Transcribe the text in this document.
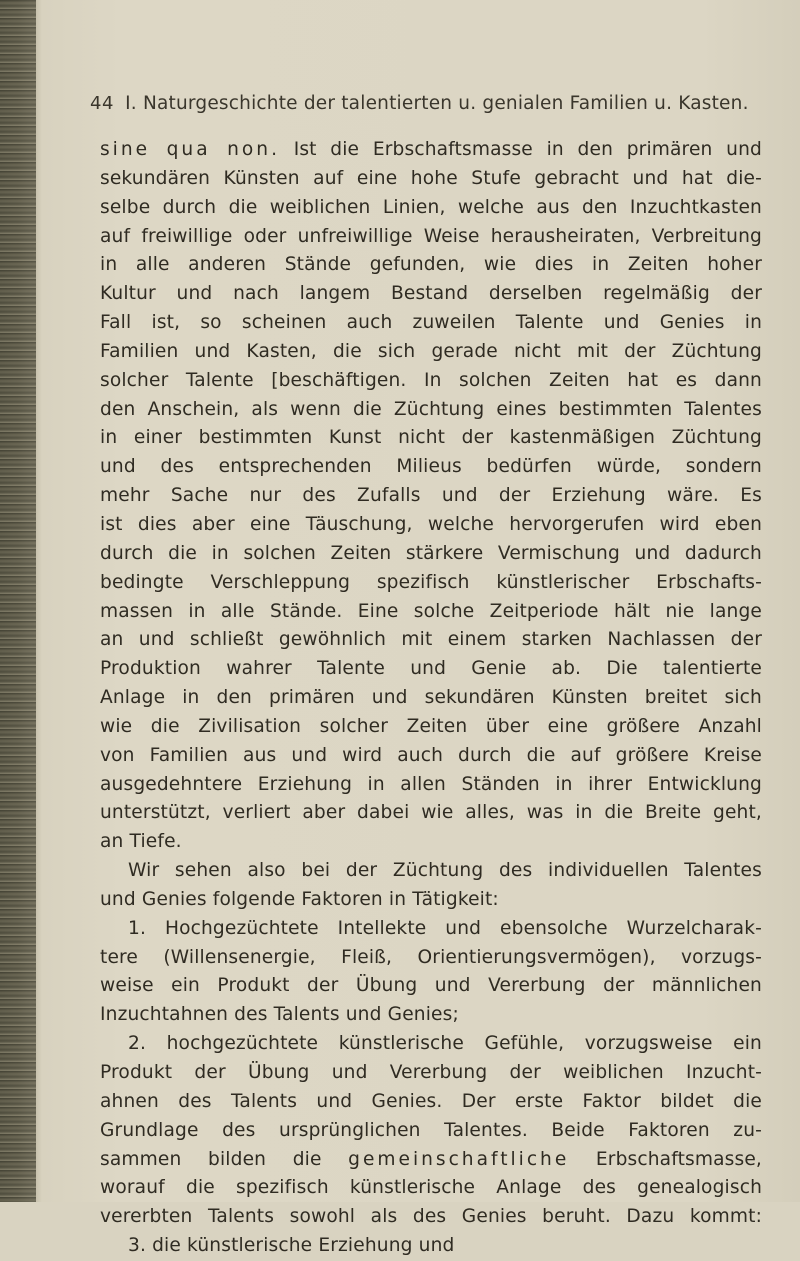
44 I. Naturgeschichte der talentierten u. genialen Familien u. Kasten.
sine qua non. Ist die Erbschaftsmasse in den primären und
sekundären Künsten auf eine hohe Stufe gebracht und hat die-
selbe durch die weiblichen Linien, welche aus den Inzuchtkasten
auf freiwillige oder unfreiwillige Weise herausheiraten, Verbreitung
in alle anderen Stände gefunden, wie dies in Zeiten hoher
Kultur und nach langem Bestand derselben regelmäßig der
Fall ist, so scheinen auch zuweilen Talente und Genies in
Familien und Kasten, die sich gerade nicht mit der Züchtung
solcher Talente [beschäftigen. In solchen Zeiten hat es dann
den Anschein, als wenn die Züchtung eines bestimmten Talentes
in einer bestimmten Kunst nicht der kastenmäßigen Züchtung
und des entsprechenden Milieus bedürfen würde, sondern
mehr Sache nur des Zufalls und der Erziehung wäre. Es
ist dies aber eine Täuschung, welche hervorgerufen wird eben
durch die in solchen Zeiten stärkere Vermischung und dadurch
bedingte Verschleppung spezifisch künstlerischer Erbschafts-
massen in alle Stände. Eine solche Zeitperiode hält nie lange
an und schließt gewöhnlich mit einem starken Nachlassen der
Produktion wahrer Talente und Genie ab. Die talentierte
Anlage in den primären und sekundären Künsten breitet sich
wie die Zivilisation solcher Zeiten über eine größere Anzahl
von Familien aus und wird auch durch die auf größere Kreise
ausgedehntere Erziehung in allen Ständen in ihrer Entwicklung
unterstützt, verliert aber dabei wie alles, was in die Breite geht,
an Tiefe.
Wir sehen also bei der Züchtung des individuellen Talentes
und Genies folgende Faktoren in Tätigkeit:
1. Hochgezüchtete Intellekte und ebensolche Wurzelcharak-
tere (Willensenergie, Fleiß, Orientierungsvermögen), vorzugs-
weise ein Produkt der Übung und Vererbung der männlichen
Inzuchtahnen des Talents und Genies;
2. hochgezüchtete künstlerische Gefühle, vorzugsweise ein
Produkt der Übung und Vererbung der weiblichen Inzucht-
ahnen des Talents und Genies. Der erste Faktor bildet die
Grundlage des ursprünglichen Talentes. Beide Faktoren zu-
sammen bilden die gemeinschaftliche Erbschaftsmasse,
worauf die spezifisch künstlerische Anlage des genealogisch
vererbten Talents sowohl als des Genies beruht. Dazu kommt:
3. die künstlerische Erziehung und
